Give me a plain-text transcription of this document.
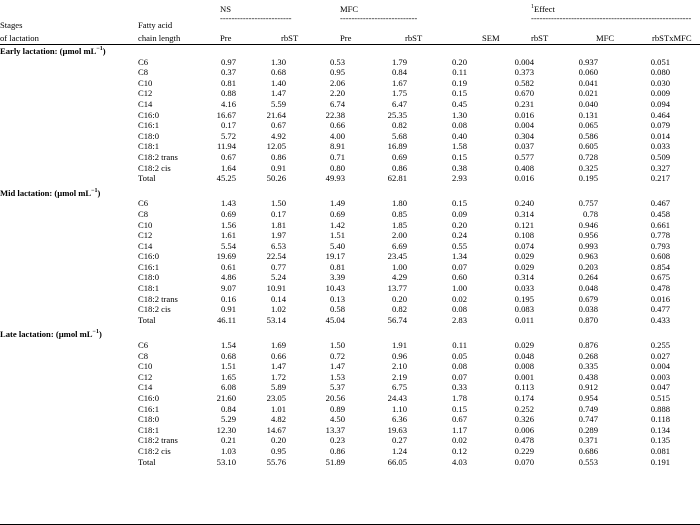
NS	MFC	$^1$Effect
-------------------------	---------------------------	--------------------------------------------------------
Stages	Fatty acid
of lactation	chain length	Pre	rbST	Pre	rbST	SEM	rbST	MFC	rbSTxMFC
Early lactation: (µmol $mL^{-1}$)									
	C6	0.97	1.30	0.53	1.79	0.20	0.004	0.937	0.051
	C8	0.37	0.68	0.95	0.84	0.11	0.373	0.060	0.080
	C10	0.81	1.40	2.06	1.67	0.19	0.582	0.041	0.030
	C12	0.88	1.47	2.20	1.75	0.15	0.670	0.021	0.009
	C14	4.16	5.59	6.74	6.47	0.45	0.231	0.040	0.094
	C16:0	16.67	21.64	22.38	25.35	1.30	0.016	0.131	0.464
	C16:1	0.17	0.67	0.66	0.82	0.08	0.004	0.065	0.079
	C18:0	5.72	4.92	4.00	5.68	0.40	0.304	0.586	0.014
	C18:1	11.94	12.05	8.91	16.89	1.58	0.037	0.605	0.033
	C18:2 trans	0.67	0.86	0.71	0.69	0.15	0.577	0.728	0.509
	C18:2 cis	1.64	0.91	0.80	0.86	0.38	0.408	0.325	0.327
	Total	45.25	50.26	49.93	62.81	2.93	0.016	0.195	0.217
Mid lactation: (µmol $mL^{-1}$)									
	C6	1.43	1.50	1.49	1.80	0.15	0.240	0.757	0.467
	C8	0.69	0.17	0.69	0.85	0.09	0.314	0.78	0.458
	C10	1.56	1.81	1.42	1.85	0.20	0.121	0.946	0.661
	C12	1.61	1.97	1.51	2.00	0.24	0.108	0.956	0.778
	C14	5.54	6.53	5.40	6.69	0.55	0.074	0.993	0.793
	C16:0	19.69	22.54	19.17	23.45	1.34	0.029	0.963	0.608
	C16:1	0.61	0.77	0.81	1.00	0.07	0.029	0.203	0.854
	C18:0	4.86	5.24	3.39	4.29	0.60	0.314	0.264	0.675
	C18:1	9.07	10.91	10.43	13.77	1.00	0.033	0.048	0.478
	C18:2 trans	0.16	0.14	0.13	0.20	0.02	0.195	0.679	0.016
	C18:2 cis	0.91	1.02	0.58	0.82	0.08	0.083	0.038	0.477
	Total	46.11	53.14	45.04	56.74	2.83	0.011	0.870	0.433
Late lactation: (µmol $mL^{-1}$)									
	C6	1.54	1.69	1.50	1.91	0.11	0.029	0.876	0.255
	C8	0.68	0.66	0.72	0.96	0.05	0.048	0.268	0.027
	C10	1.51	1.47	1.47	2.10	0.08	0.008	0.335	0.004
	C12	1.65	1.72	1.53	2.19	0.07	0.001	0.438	0.003
	C14	6.08	5.89	5.37	6.75	0.33	0.113	0.912	0.047
	C16:0	21.60	23.05	20.56	24.43	1.78	0.174	0.954	0.515
	C16:1	0.84	1.01	0.89	1.10	0.15	0.252	0.749	0.888
	C18:0	5.29	4.82	4.50	6.36	0.67	0.326	0.747	0.118
	C18:1	12.30	14.67	13.37	19.63	1.17	0.006	0.289	0.134
	C18:2 trans	0.21	0.20	0.23	0.27	0.02	0.478	0.371	0.135
	C18:2 cis	1.03	0.95	0.86	1.24	0.12	0.229	0.686	0.081
	Total	53.10	55.76	51.89	66.05	4.03	0.070	0.553	0.191
